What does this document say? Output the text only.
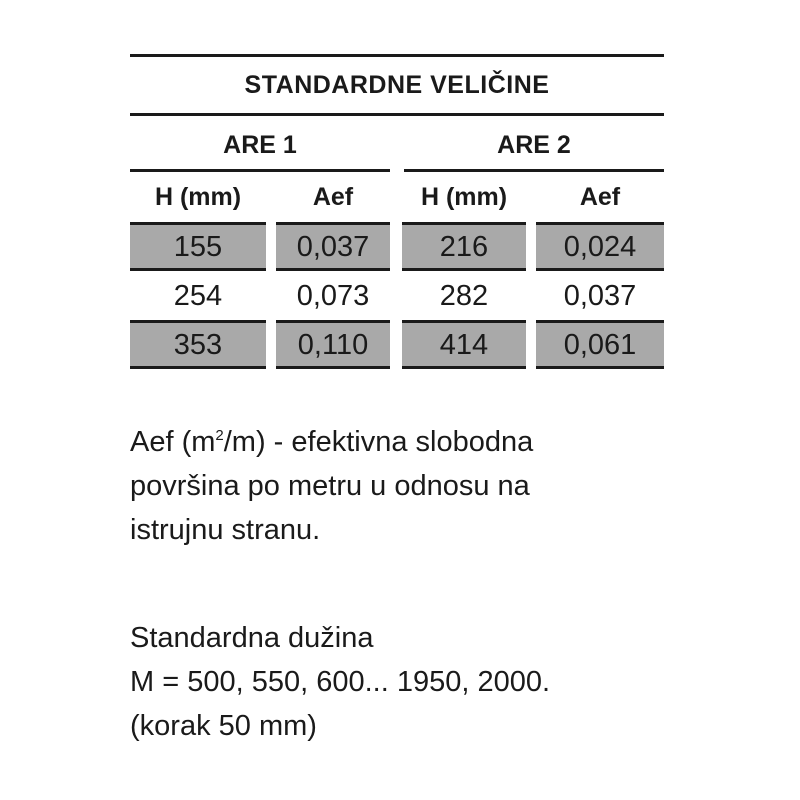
STANDARDNE VELIČINE
ARE 1	ARE 2
H (mm)	Aef	H (mm)	Aef
155	0,037	216	0,024
254	0,073	282	0,037
353	0,110	414	0,061
Aef $(m^2/m)$ - efektivna slobodna
površina po metru u odnosu na
istrujnu stranu.
Standardna dužina
M = 500, 550, 600... 1950, 2000.
(korak 50 mm)
